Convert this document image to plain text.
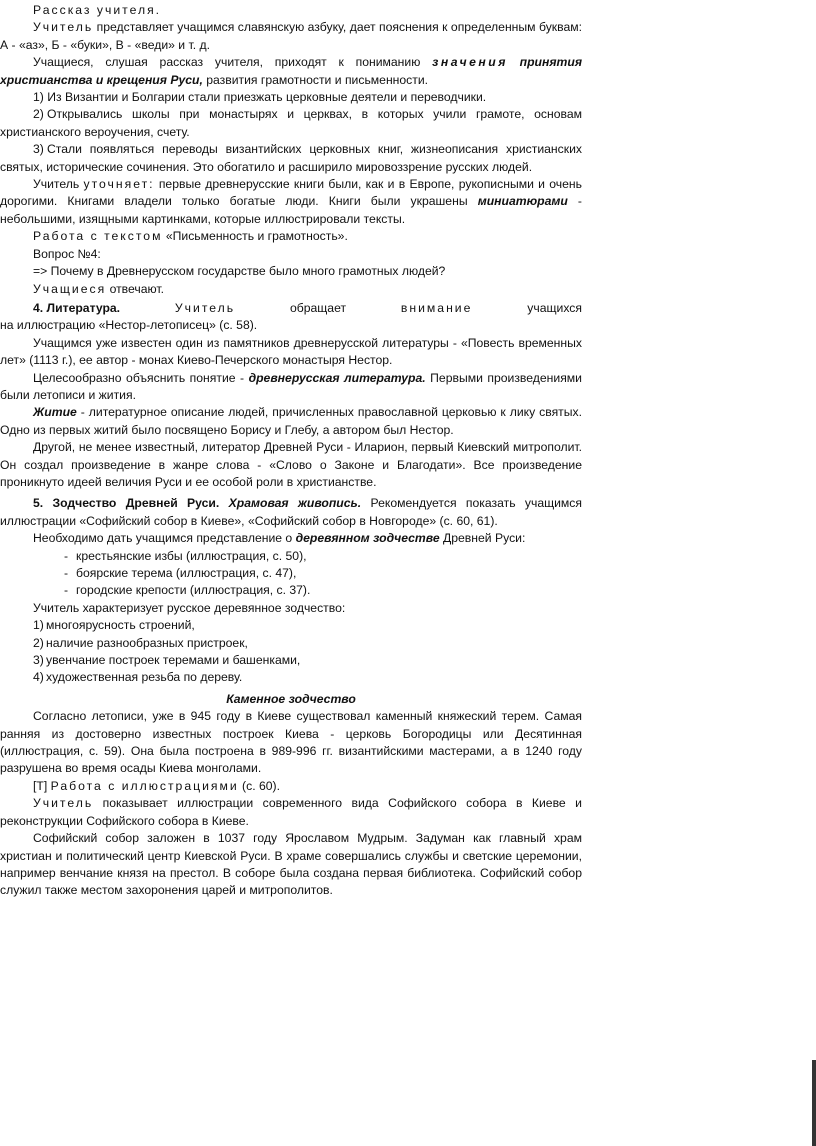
Рассказ учителя.

Учитель представляет учащимся славянскую азбуку, дает пояснения к определенным буквам: А - «аз», Б - «буки», В - «веди» и т. д.

Учащиеся, слушая рассказ учителя, приходят к пониманию значения принятия христианства и крещения Руси, развития грамотности и письменности.

1) Из Византии и Болгарии стали приезжать церковные деятели и переводчики.

2) Открывались школы при монастырях и церквах, в которых учили грамоте, основам христианского вероучения, счету.

3) Стали появляться переводы византийских церковных книг, жизнеописания христианских святых, исторические сочинения. Это обогатило и расширило мировоззрение русских людей.

Учитель уточняет: первые древнерусские книги были, как и в Европе, рукописными и очень дорогими. Книгами владели только богатые люди. Книги были украшены миниатюрами - небольшими, изящными картинками, которые иллюстрировали тексты.

Работа с текстом «Письменность и грамотность».

Вопрос №4:

=> Почему в Древнерусском государстве было много грамотных людей?

Учащиеся отвечают.

4. Литература.	Учитель	обращает	внимание	учащихся

на иллюстрацию «Нестор-летописец» (с. 58).

Учащимся уже известен один из памятников древнерусской литературы - «Повесть временных лет» (1113 г.), ее автор - монах Киево-Печерского монастыря Нестор.

Целесообразно объяснить понятие - древнерусская литература. Первыми произведениями были летописи и жития.

Житие - литературное описание людей, причисленных православной церковью к лику святых. Одно из первых житий было посвящено Борису и Глебу, а автором был Нестор.

Другой, не менее известный, литератор Древней Руси - Иларион, первый Киевский митрополит. Он создал произведение в жанре слова - «Слово о Законе и Благодати». Все произведение проникнуто идеей величия Руси и ее особой роли в христианстве.

5. Зодчество Древней Руси. Храмовая живопись. Рекомендуется показать учащимся иллюстрации «Софийский собор в Киеве», «Софийский собор в Новгороде» (с. 60, 61).

Необходимо дать учащимся представление о деревянном зодчестве Древней Руси:

- крестьянские избы (иллюстрация, с. 50),
- боярские терема (иллюстрация, с. 47),
- городские крепости (иллюстрация, с. 37).

Учитель характеризует русское деревянное зодчество:

1) многоярусность строений,
2) наличие разнообразных пристроек,
3) увенчание построек теремами и башенками,
4) художественная резьба по дереву.

Каменное зодчество

Согласно летописи, уже в 945 году в Киеве существовал каменный княжеский терем. Самая ранняя из достоверно известных построек Киева - церковь Богородицы или Десятинная (иллюстрация, с. 59). Она была построена в 989-996 гг. византийскими мастерами, а в 1240 году разрушена во время осады Киева монголами.

[Т] Работа с иллюстрациями (с. 60).

Учитель показывает иллюстрации современного вида Софийского собора в Киеве и реконструкции Софийского собора в Киеве.

Софийский собор заложен в 1037 году Ярославом Мудрым. Задуман как главный храм христиан и политический центр Киевской Руси. В храме совершались службы и светские церемонии, например венчание князя на престол. В соборе была создана первая библиотека. Софийский собор служил также местом захоронения царей и митрополитов.
